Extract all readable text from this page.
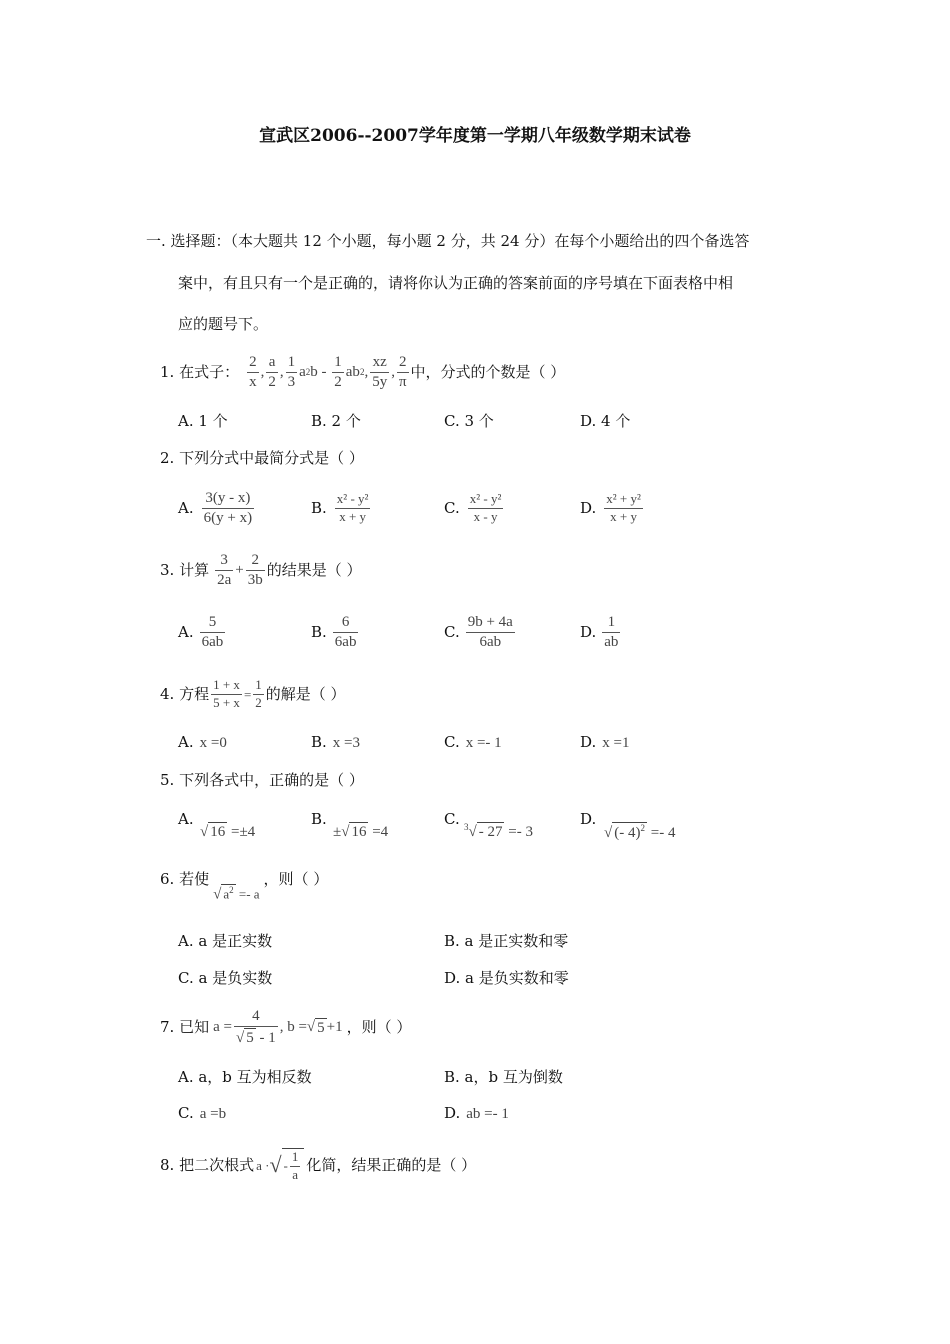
宣武区2006--2007学年度第一学期八年级数学期末试卷
一. 选择题：（本大题共 12 个小题，每小题 2 分，共 24 分）在每个小题给出的四个备选答
案中，有且只有一个是正确的，请将你认为正确的答案前面的序号填在下面表格中相
应的题号下。
1. 在式子： $\frac{2}{x}$ , $\frac{a}{2}$ , $\frac{1}{3}$ a 2 b - $\frac{1}{2}$ ab 2 , $\frac{xz}{5y}$ , $\frac{2}{\pi}$ 中，分式的个数是（ ）
A. 1 个	B. 2 个	C. 3 个	D. 4 个
2. 下列分式中最简分式是（ ）
A. $\frac{3(y - x)}{6(y + x)}$	B. $\frac{\text{x² - y²}}{x + y}$	C. $\frac{\text{x² - y²}}{x - y}$	D. $\frac{\text{x² + y²}}{x + y}$
3. 计算 $\frac{3}{2a} + \frac{2}{3b}$ 的结果是（ ）
A. $\frac{5}{6ab}$	B. $\frac{6}{6ab}$	C. $\frac{9b + 4a}{6ab}$	D. $\frac{1}{ab}$
4. 方程 $\frac{1 + x}{5 + x} = \frac{1}{2}$ 的解是（ ）
A. x =0	B. x =3	C. x =- 1	D. x =1
5. 下列各式中，正确的是（ ）
A.
√ 16 =±4
B.
±√ 16 =4
C. $^3$√ - 27 =- 3
D.
√ (- 4)$^2$ =- 4
6. 若使
√ $a^2 =- a$
，则（ ）
A. a 是正实数	B. a 是正实数和零
C. a 是负实数	D. a 是负实数和零
7. 已知 $a = \frac{4}{√ 5 - 1}$ , b = √ 5 +1 ，则（ ）
A. a，b 互为相反数	B. a，b 互为倒数
C. a =b	D. ab =- 1
8. 把二次根式 a · √ - $\frac{1}{a}$ 化简，结果正确的是（ ）
